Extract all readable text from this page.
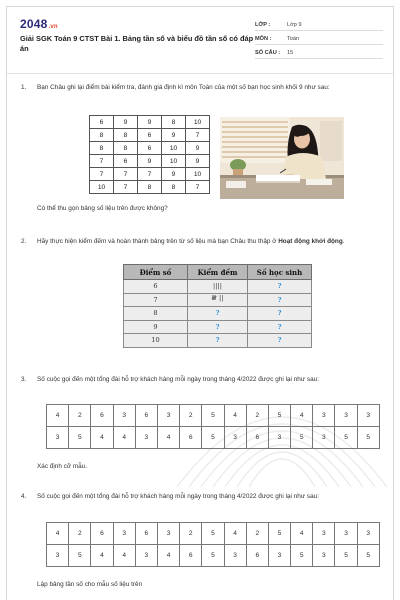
2048.vn
Giải SGK Toán 9 CTST Bài 1. Bảng tần số và biểu đồ tần số có đáp án
LỚP :	Lớp 9
MÔN :	Toán
SỐ CÂU : 15
1.	Bạn Châu ghi lại điểm bài kiểm tra, đánh giá định kì môn Toán của một số bạn học sinh khối 9 như sau:
6	9	9	8	10
8	8	6	9	7
8	8	6	10	9
7	6	9	10	9
7	7	7	9	10
10	7	8	8	7
Có thể thu gọn bảng số liệu trên được không?
2.	Hãy thực hiện kiểm đếm và hoàn thành bảng trên từ số liệu mà bạn Châu thu thập ở Hoạt động khởi động.
Điểm số	Kiểm đếm	Số học sinh
6	||||	?
7	𝍸 ||	?
8	?	?
9	?	?
10	?	?
3.	Số cuộc gọi đến một tổng đài hỗ trợ khách hàng mỗi ngày trong tháng 4/2022 được ghi lại như sau:
4	2	6	3	6	3	2	5	4	2	5	4	3	3	3
3	5	4	4	3	4	6	5	3	6	3	5	3	5	5
Xác định cỡ mẫu.
4.	Số cuộc gọi đến một tổng đài hỗ trợ khách hàng mỗi ngày trong tháng 4/2022 được ghi lại như sau:
4	2	6	3	6	3	2	5	4	2	5	4	3	3	3
3	5	4	4	3	4	6	5	3	6	3	5	3	5	5
Lập bảng tần số cho mẫu số liệu trên
